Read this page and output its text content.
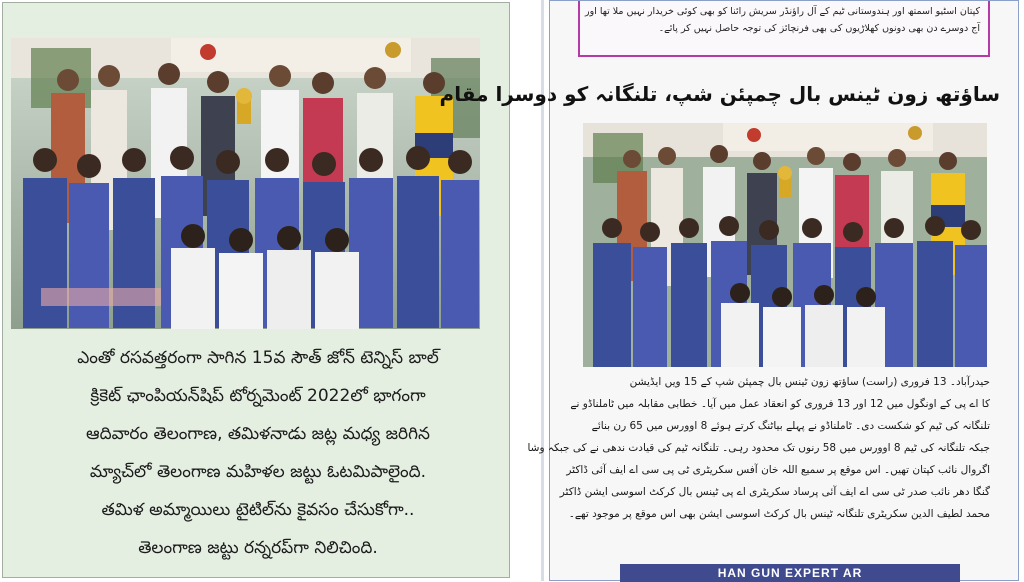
ఎంతో రసవత్తరంగా సాగిన 15వ సౌత్ జోన్ టెన్నిస్ బాల్
క్రికెట్ ఛాంపియన్‌షిప్ టోర్నమెంట్ 2022లో భాగంగా
ఆదివారం తెలంగాణ, తమిళనాడు జట్ల మధ్య జరిగిన
మ్యాచ్‌లో తెలంగాణ మహిళల జట్టు ఓటమిపాలైంది.
తమిళ అమ్మాయిలు టైటిల్‌ను కైవసం చేసుకోగా..
తెలంగాణ జట్టు రన్నరప్‌గా నిలిచింది.
کپتان اسٹیو اسمتھ اور ہندوستانی ٹیم کے آل راؤنڈر سریش رائنا کو بھی کوئی خریدار نہیں ملا تھا اور
آج دوسرے دن بھی دونوں کھلاڑیوں کی بھی فرنچائز کی توجہ حاصل نہیں کر پائے۔
ساؤتھ زون ٹینس بال چمپئن شپ، تلنگانہ کو دوسرا مقام
حیدرآباد۔ 13 فروری (راست) ساؤتھ زون ٹینس بال چمپئن شپ کے 15 ویں ایڈیشن
کا اے پی کے اونگول میں 12 اور 13 فروری کو انعقاد عمل میں آیا۔ خطابی مقابلہ میں ٹاملناڈو نے
تلنگانہ کی ٹیم کو شکست دی۔ ٹاملناڈو نے پہلے بیاٹنگ کرتے ہوئے 8 اوورس میں 65 رن بنائے
جبکہ تلنگانہ کی ٹیم 8 اوورس میں 58 رنوں تک محدود رہی۔ تلنگانہ ٹیم کی قیادت ندھی نے کی جبکہ وشا
اگروال نائب کپتان تھیں۔ اس موقع پر سمیع اللہ خان آفس سکریٹری ٹی پی سی اے ایف آئی ڈاکٹر
گنگا دھر نائب صدر ٹی سی اے ایف آئی پرساد سکریٹری اے پی ٹینس بال کرکٹ اسوسی ایشن ڈاکٹر
محمد لطیف الدین سکریٹری تلنگانہ ٹینس بال کرکٹ اسوسی ایشن بھی اس موقع پر موجود تھے۔
HAN GUN EXPERT AR
